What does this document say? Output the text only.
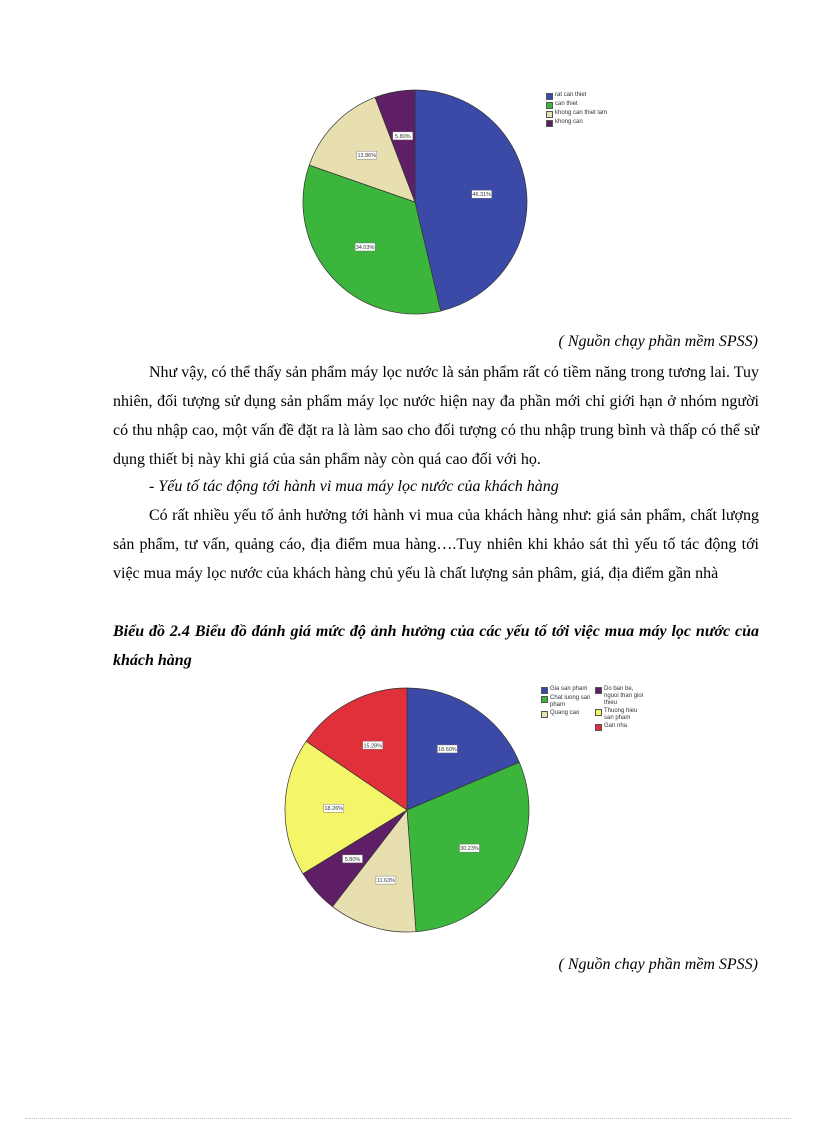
46.31%
34.03%
13.86%
5.80%
rat can thiet
can thiet
khong can thiet lam
khong can
( Nguồn chạy phần mềm SPSS)

Như vậy, có thể thấy sản phẩm máy lọc nước là sản phẩm rất có tiềm năng trong tương lai. Tuy nhiên, đối tượng sử dụng sản phẩm máy lọc nước hiện nay đa phần mới chỉ giới hạn ở nhóm người có thu nhập cao, một vấn đề đặt ra là làm sao cho đối tượng có thu nhập trung bình và thấp có thể sử dụng thiết bị này khi giá của sản phẩm này còn quá cao đối với họ.

- Yếu tố tác động tới hành vi mua máy lọc nước của khách hàng

Có rất nhiều yếu tố ảnh hưởng tới hành vi mua của khách hàng như: giá sản phẩm, chất lượng sản phẩm, tư vấn, quảng cáo, địa điểm mua hàng….Tuy nhiên khi khảo sát thì yếu tố tác động tới việc mua máy lọc nước của khách hàng chủ yếu là chất lượng sản phâm, giá, địa điểm gần nhà

Biểu đồ 2.4 Biểu đồ đánh giá mức độ ảnh hưởng của các yếu tố tới việc mua máy lọc nước của khách hàng

18.60%
30.23%
11.63%
5.80%
18.26%
15.28%
Gia san pham
Chat luong san pham
Quang cao
Do ban be, nguoi than gioi thieu
Thuong hieu san pham
Gan nha
( Nguồn chạy phần mềm SPSS)
